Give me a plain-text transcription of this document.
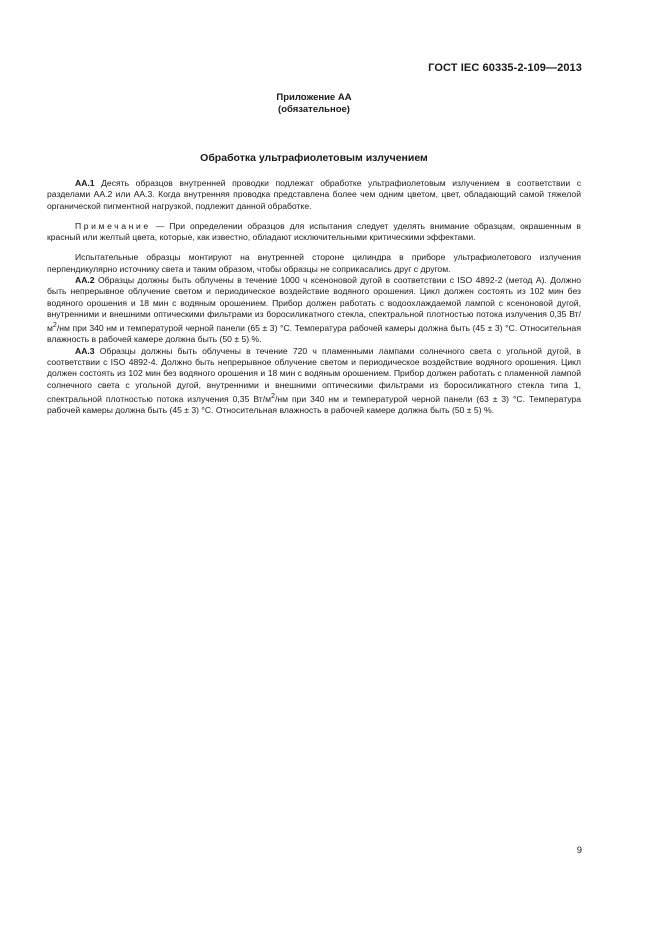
ГОСТ IEC 60335-2-109—2013
Приложение АА
(обязательное)
Обработка ультрафиолетовым излучением

АА.1 Десять образцов внутренней проводки подлежат обработке ультрафиолетовым излучением в соответствии с разделами АА.2 или АА.3. Когда внутренняя проводка представлена более чем одним цветом, цвет, обладающий самой тяжелой органической пигментной нагрузкой, подлежит данной обработке.

Примечание — При определении образцов для испытания следует уделять внимание образцам, окрашенным в красный или желтый цвета, которые, как известно, обладают исключительными критическими эффектами.

Испытательные образцы монтируют на внутренней стороне цилиндра в приборе ультрафиолетового излучения перпендикулярно источнику света и таким образом, чтобы образцы не соприкасались друг с другом.

АА.2 Образцы должны быть облучены в течение 1000 ч ксеноновой дугой в соответствии с ISO 4892-2 (метод А). Должно быть непрерывное облучение светом и периодическое воздействие водяного орошения. Цикл должен состоять из 102 мин без водяного орошения и 18 мин с водяным орошением. Прибор должен работать с водоохлаждаемой лампой с ксеноновой дугой, внутренними и внешними оптическими фильтрами из боросиликатного стекла, спектральной плотностью потока излучения 0,35 $Вт/м^2/нм$ при 340 нм и температурой черной панели (65 ± 3) °С. Температура рабочей камеры должна быть (45 ± 3) °С. Относительная влажность в рабочей камере должна быть (50 ± 5) %.

АА.3 Образцы должны быть облучены в течение 720 ч пламенными лампами солнечного света с угольной дугой, в соответствии с ISO 4892-4. Должно быть непрерывное облучение светом и периодическое воздействие водяного орошения. Цикл должен состоять из 102 мин без водяного орошения и 18 мин с водяным орошением. Прибор должен работать с пламенной лампой солнечного света с угольной дугой, внутренними и внешними оптическими фильтрами из боросиликатного стекла типа 1, спектральной плотностью потока излучения 0,35 $Вт/м^2/нм$ при 340 нм и температурой черной панели (63 ± 3) °С. Температура рабочей камеры должна быть (45 ± 3) °С. Относительная влажность в рабочей камере должна быть (50 ± 5) %.

9
